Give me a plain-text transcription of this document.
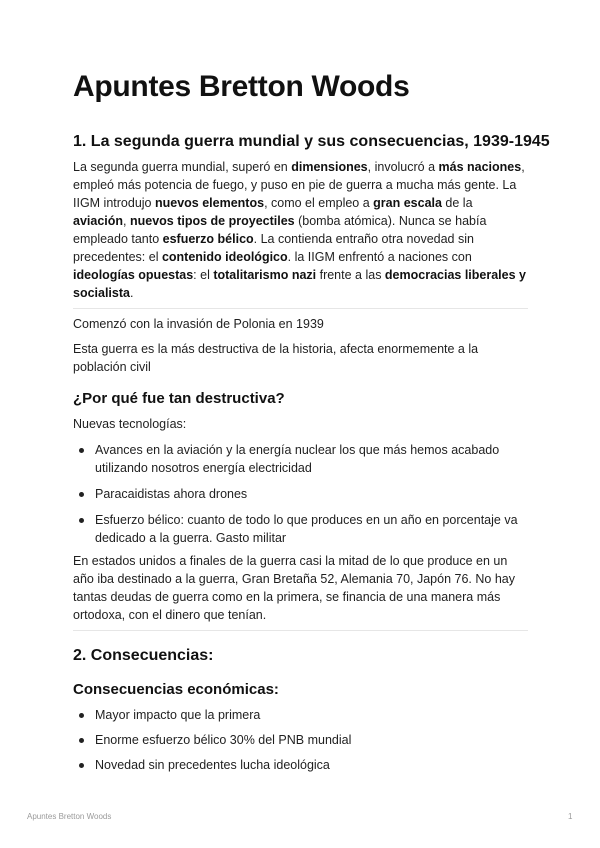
Apuntes Bretton Woods
1. La segunda guerra mundial y sus consecuencias, 1939-1945

La segunda guerra mundial, superó en dimensiones, involucró a más naciones, empleó más potencia de fuego, y puso en pie de guerra a mucha más gente. La IIGM introdujo nuevos elementos, como el empleo a gran escala de la aviación, nuevos tipos de proyectiles (bomba atómica). Nunca se había empleado tanto esfuerzo bélico. La contienda entraño otra novedad sin precedentes: el contenido ideológico. la IIGM enfrentó a naciones con ideologías opuestas: el totalitarismo nazi frente a las democracias liberales y socialista.

Comenzó con la invasión de Polonia en 1939

Esta guerra es la más destructiva de la historia, afecta enormemente a la población civil

¿Por qué fue tan destructiva?

Nuevas tecnologías:

Avances en la aviación y la energía nuclear los que más hemos acabado utilizando nosotros energía electricidad
Paracaidistas ahora drones
Esfuerzo bélico: cuanto de todo lo que produces en un año en porcentaje va dedicado a la guerra. Gasto militar

En estados unidos a finales de la guerra casi la mitad de lo que produce en un año iba destinado a la guerra, Gran Bretaña 52, Alemania 70, Japón 76. No hay tantas deudas de guerra como en la primera, se financia de una manera más ortodoxa, con el dinero que tenían.

2. Consecuencias:
Consecuencias económicas:
Mayor impacto que la primera
Enorme esfuerzo bélico 30% del PNB mundial
Novedad sin precedentes lucha ideológica
Apuntes Bretton Woods	1
